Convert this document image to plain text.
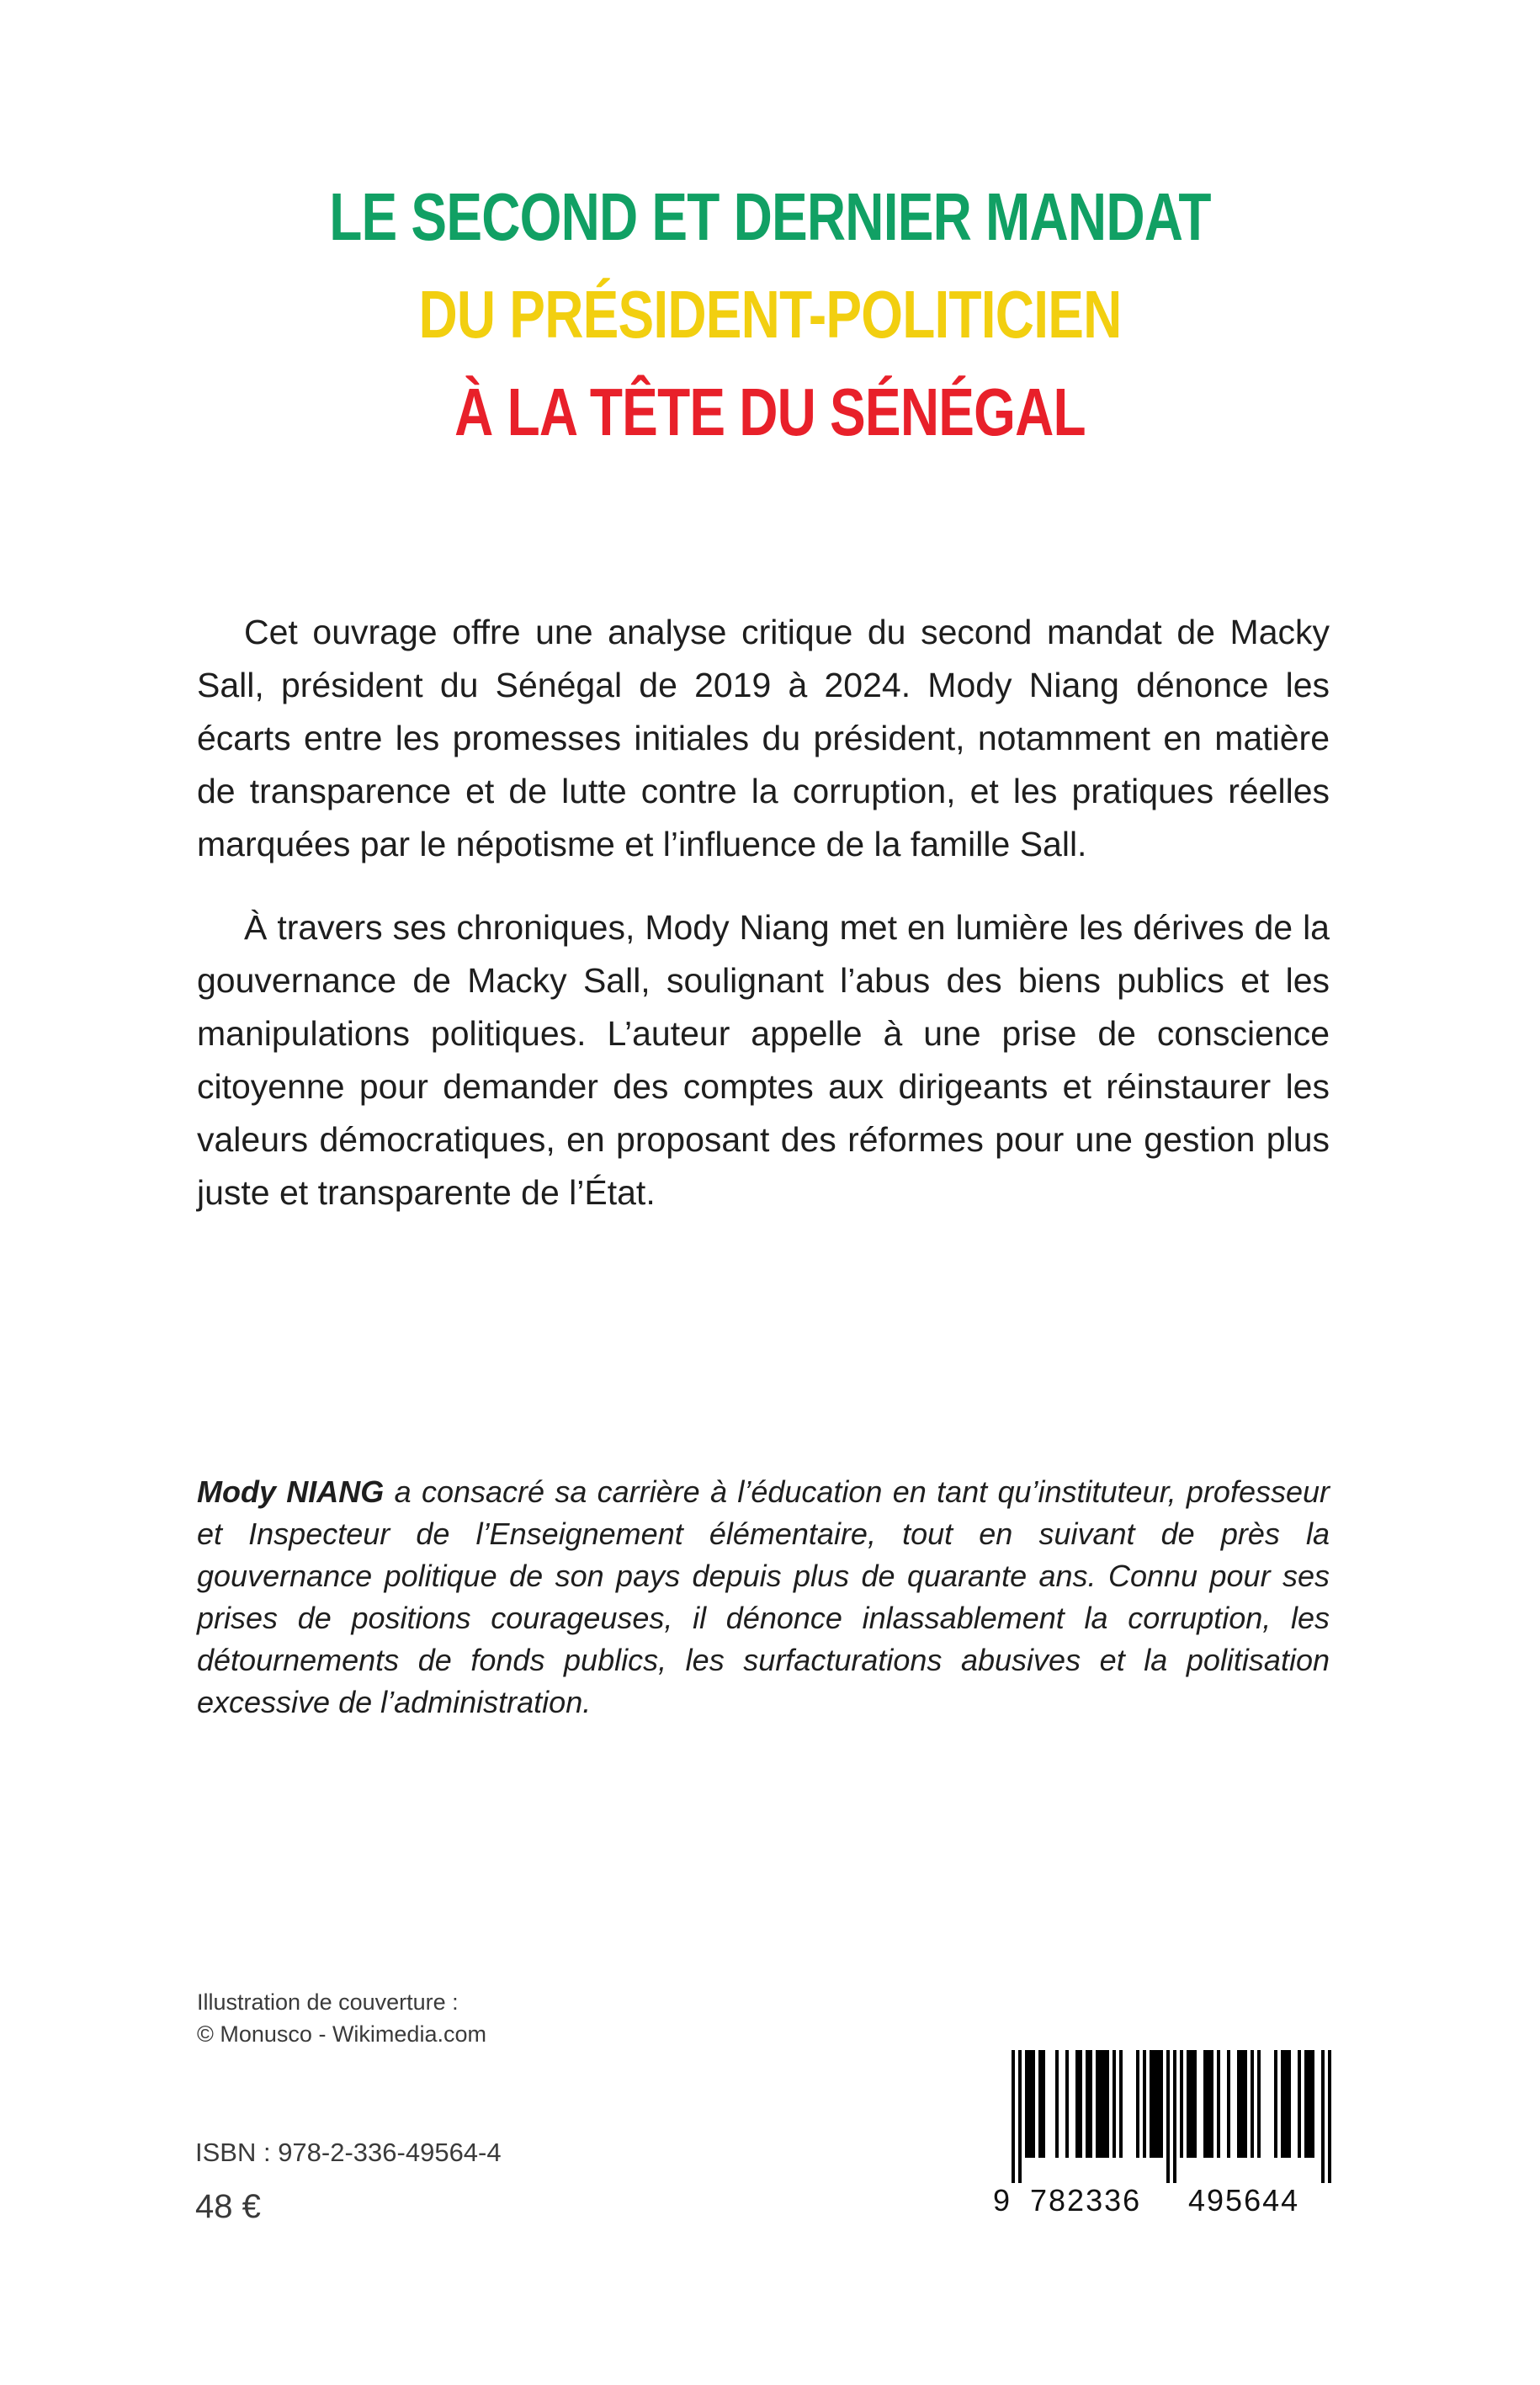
LE SECOND ET DERNIER MANDAT
DU PRÉSIDENT-POLITICIEN
À LA TÊTE DU SÉNÉGAL

Cet ouvrage offre une analyse critique du second mandat de Macky Sall, président du Sénégal de 2019 à 2024. Mody Niang dénonce les écarts entre les promesses initiales du président, notamment en matière de transparence et de lutte contre la corruption, et les pratiques réelles marquées par le népotisme et l’influence de la famille Sall.

À travers ses chroniques, Mody Niang met en lumière les dérives de la gouvernance de Macky Sall, soulignant l’abus des biens publics et les manipulations politiques. L’auteur appelle à une prise de conscience citoyenne pour demander des comptes aux dirigeants et réinstaurer les valeurs démocratiques, en proposant des réformes pour une gestion plus juste et transparente de l’État.

Mody NIANG a consacré sa carrière à l’éducation en tant qu’instituteur, professeur et Inspecteur de l’Enseignement élémentaire, tout en suivant de près la gouvernance politique de son pays depuis plus de quarante ans. Connu pour ses prises de positions courageuses, il dénonce inlassablement la corruption, les détournements de fonds publics, les surfacturations abusives et la politisation excessive de l’administration.

Illustration de couverture :
© Monusco - Wikimedia.com
ISBN : 978-2-336-49564-4
48 €	9 782336 495644
